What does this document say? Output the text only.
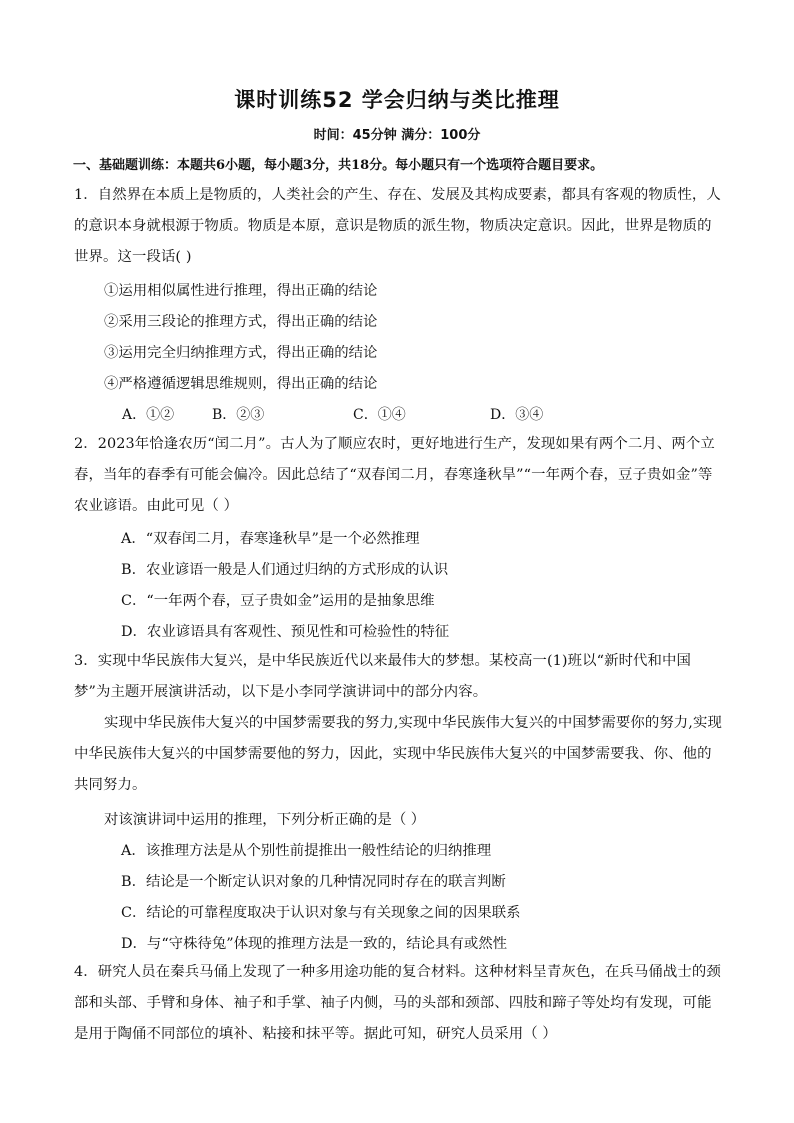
课时训练52 学会归纳与类比推理
时间：45分钟 满分：100分
一、基础题训练：本题共6小题，每小题3分，共18分。每小题只有一个选项符合题目要求。
1．自然界在本质上是物质的，人类社会的产生、存在、发展及其构成要素，都具有客观的物质性，人的意识本身就根源于物质。物质是本原，意识是物质的派生物，物质决定意识。因此，世界是物质的世界。这一段话( )
①运用相似属性进行推理，得出正确的结论
②采用三段论的推理方式，得出正确的结论
③运用完全归纳推理方式，得出正确的结论
④严格遵循逻辑思维规则，得出正确的结论
A．①②	B．②③	C．①④	D．③④
2．2023年恰逢农历“闰二月”。古人为了顺应农时，更好地进行生产，发现如果有两个二月、两个立春，当年的春季有可能会偏冷。因此总结了“双春闰二月，春寒逢秋旱”“一年两个春，豆子贵如金”等农业谚语。由此可见（ ）
A．“双春闰二月，春寒逢秋旱”是一个必然推理
B．农业谚语一般是人们通过归纳的方式形成的认识
C．“一年两个春，豆子贵如金”运用的是抽象思维
D．农业谚语具有客观性、预见性和可检验性的特征
3．实现中华民族伟大复兴，是中华民族近代以来最伟大的梦想。某校高一(1)班以“新时代和中国梦”为主题开展演讲活动，以下是小李同学演讲词中的部分内容。
实现中华民族伟大复兴的中国梦需要我的努力,实现中华民族伟大复兴的中国梦需要你的努力,实现中华民族伟大复兴的中国梦需要他的努力，因此，实现中华民族伟大复兴的中国梦需要我、你、他的共同努力。
对该演讲词中运用的推理，下列分析正确的是（ ）
A．该推理方法是从个别性前提推出一般性结论的归纳推理
B．结论是一个断定认识对象的几种情况同时存在的联言判断
C．结论的可靠程度取决于认识对象与有关现象之间的因果联系
D．与“守株待兔”体现的推理方法是一致的，结论具有或然性
4．研究人员在秦兵马俑上发现了一种多用途功能的复合材料。这种材料呈青灰色，在兵马俑战士的颈部和头部、手臂和身体、袖子和手掌、袖子内侧，马的头部和颈部、四肢和蹄子等处均有发现，可能是用于陶俑不同部位的填补、粘接和抹平等。据此可知，研究人员采用（ ）
